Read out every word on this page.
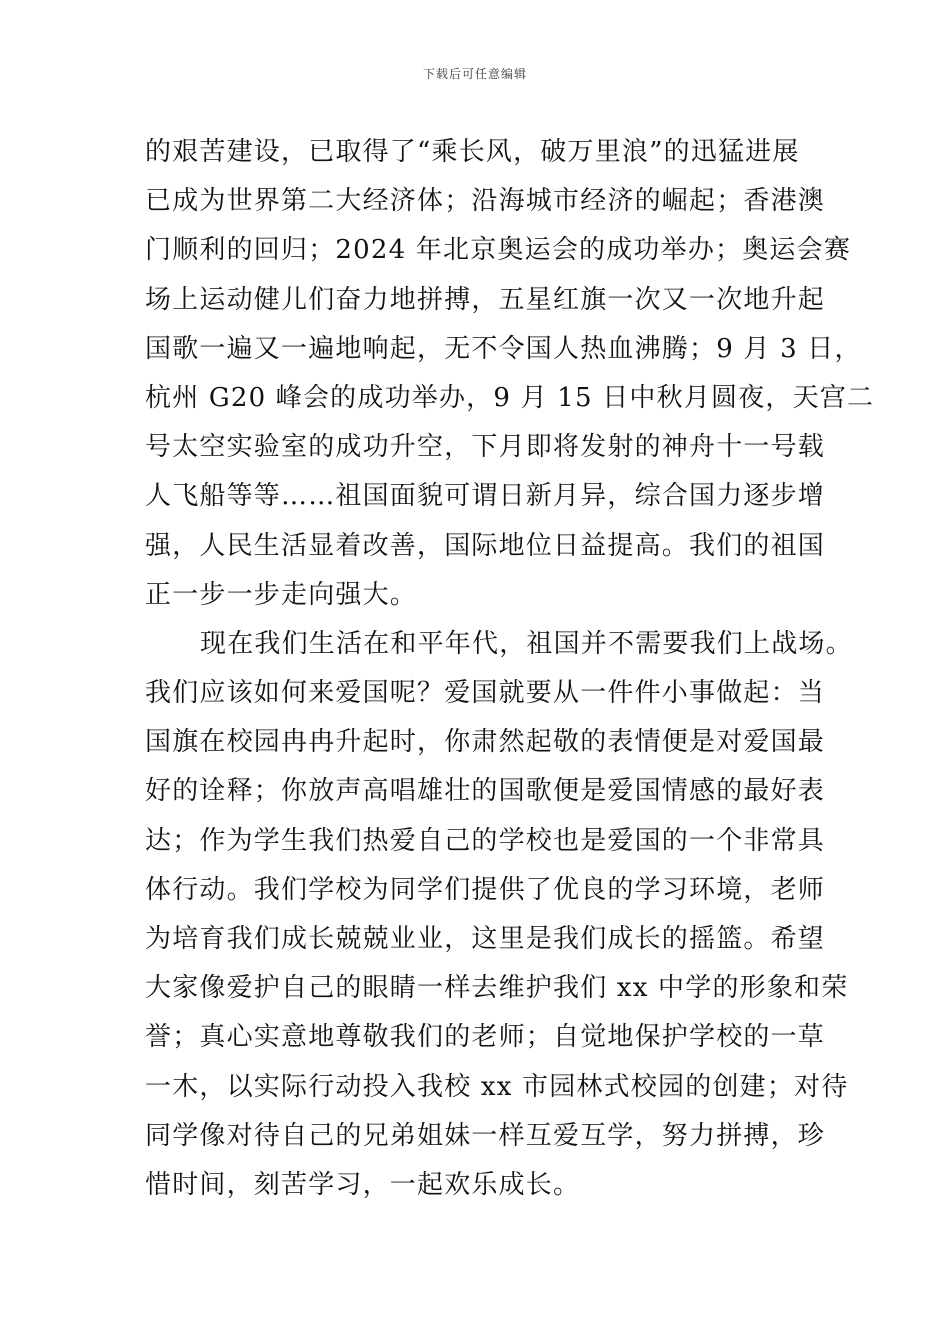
下载后可任意编辑
的艰苦建设，已取得了“乘长风，破万里浪”的迅猛进展
已成为世界第二大经济体；沿海城市经济的崛起；香港澳
门顺利的回归；2024 年北京奥运会的成功举办；奥运会赛
场上运动健儿们奋力地拼搏，五星红旗一次又一次地升起
国歌一遍又一遍地响起，无不令国人热血沸腾；9 月 3 日，
杭州 G20 峰会的成功举办，9 月 15 日中秋月圆夜，天宫二
号太空实验室的成功升空，下月即将发射的神舟十一号载
人飞船等等……祖国面貌可谓日新月异，综合国力逐步增
强，人民生活显着改善，国际地位日益提高。我们的祖国
正一步一步走向强大。
现在我们生活在和平年代，祖国并不需要我们上战场。
我们应该如何来爱国呢？爱国就要从一件件小事做起：当
国旗在校园冉冉升起时，你肃然起敬的表情便是对爱国最
好的诠释；你放声高唱雄壮的国歌便是爱国情感的最好表
达；作为学生我们热爱自己的学校也是爱国的一个非常具
体行动。我们学校为同学们提供了优良的学习环境，老师
为培育我们成长兢兢业业，这里是我们成长的摇篮。希望
大家像爱护自己的眼睛一样去维护我们 xx 中学的形象和荣
誉；真心实意地尊敬我们的老师；自觉地保护学校的一草
一木，以实际行动投入我校 xx 市园林式校园的创建；对待
同学像对待自己的兄弟姐妹一样互爱互学，努力拼搏，珍
惜时间，刻苦学习，一起欢乐成长。
